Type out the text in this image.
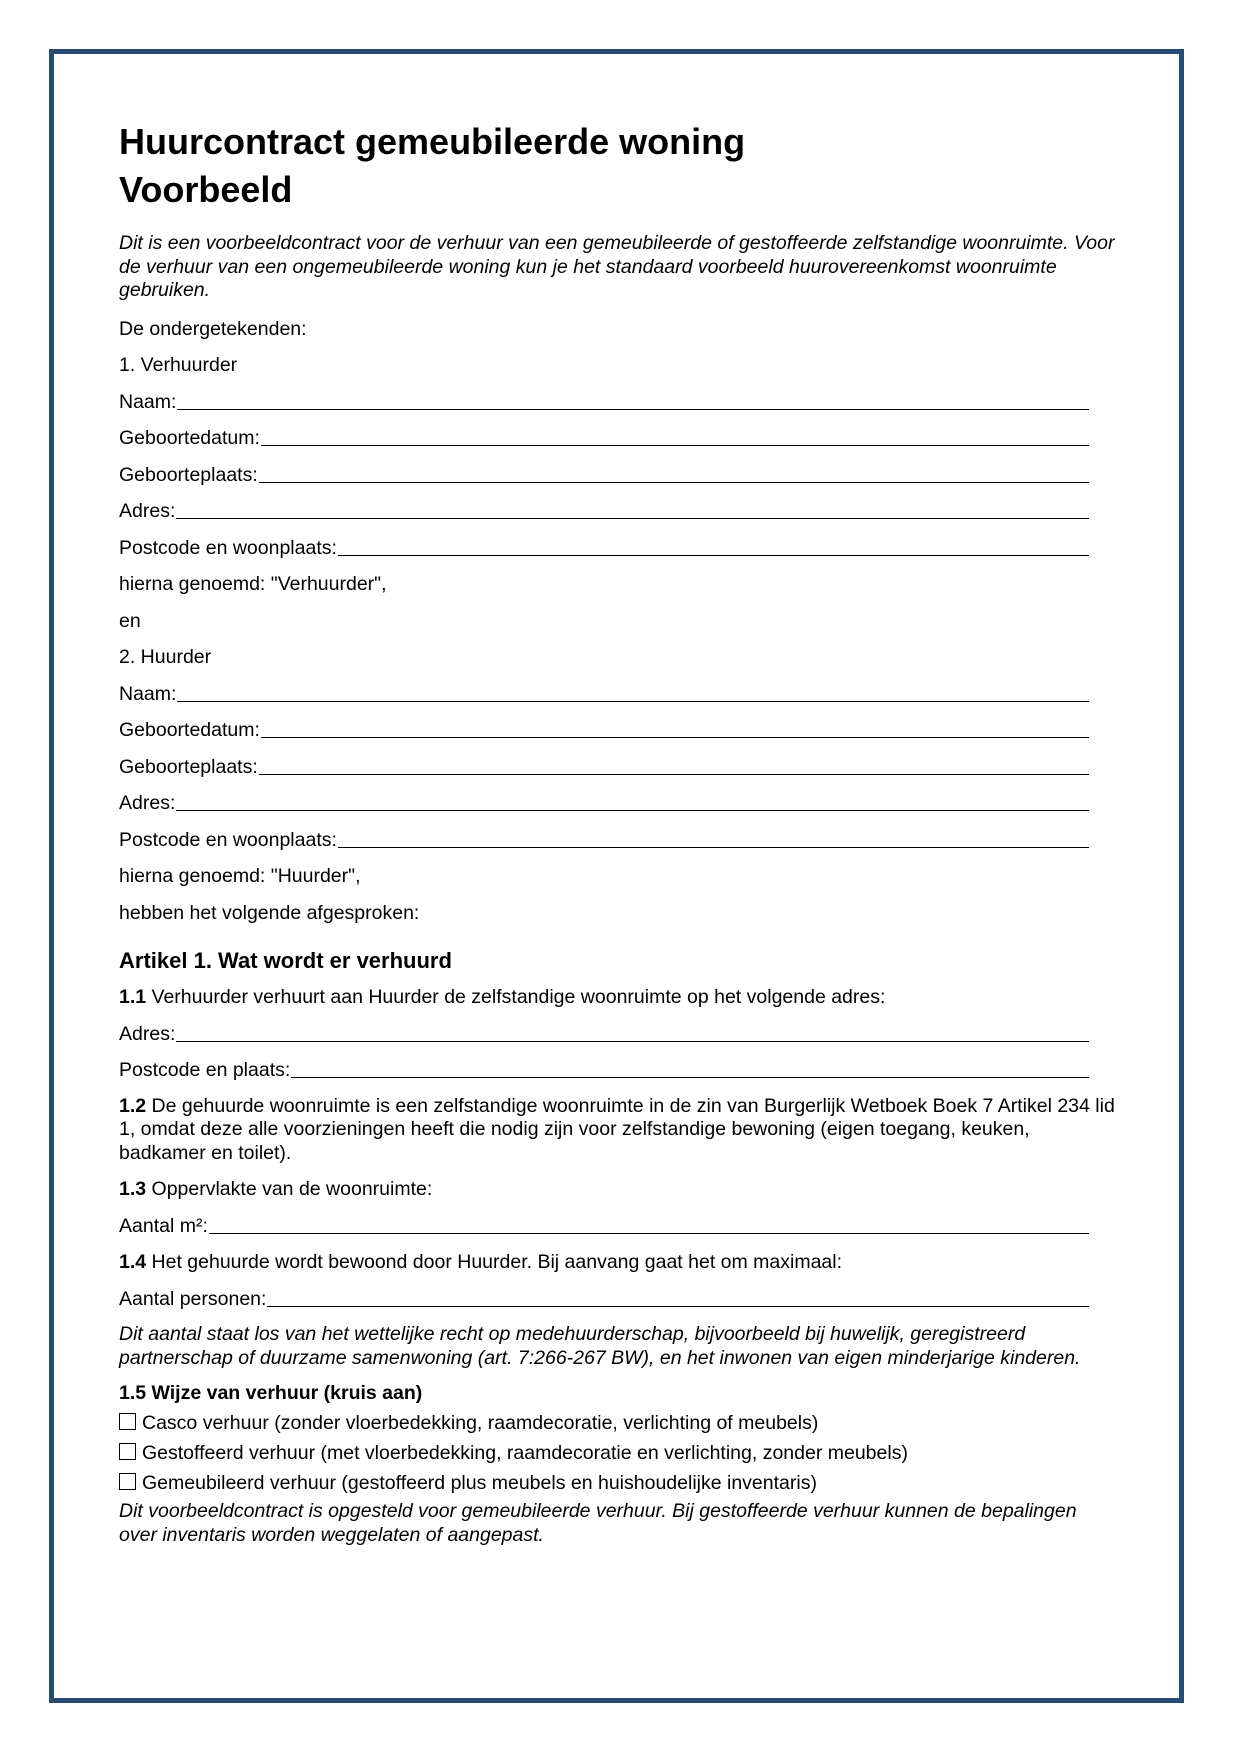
Huurcontract gemeubileerde woning
Voorbeeld
Dit is een voorbeeldcontract voor de verhuur van een gemeubileerde of gestoffeerde zelfstandige woonruimte. Voor de verhuur van een ongemeubileerde woning kun je het standaard voorbeeld huurovereenkomst woonruimte gebruiken.
De ondergetekenden:
1. Verhuurder
Naam:
Geboortedatum:
Geboorteplaats:
Adres:
Postcode en woonplaats:
hierna genoemd: "Verhuurder",
en
2. Huurder
Naam:
Geboortedatum:
Geboorteplaats:
Adres:
Postcode en woonplaats:
hierna genoemd: "Huurder",
hebben het volgende afgesproken:
Artikel 1. Wat wordt er verhuurd
1.1 Verhuurder verhuurt aan Huurder de zelfstandige woonruimte op het volgende adres:
Adres:
Postcode en plaats:
1.2 De gehuurde woonruimte is een zelfstandige woonruimte in de zin van Burgerlijk Wetboek Boek 7 Artikel 234 lid 1, omdat deze alle voorzieningen heeft die nodig zijn voor zelfstandige bewoning (eigen toegang, keuken, badkamer en toilet).
1.3 Oppervlakte van de woonruimte:
Aantal m²:
1.4 Het gehuurde wordt bewoond door Huurder. Bij aanvang gaat het om maximaal:
Aantal personen:
Dit aantal staat los van het wettelijke recht op medehuurderschap, bijvoorbeeld bij huwelijk, geregistreerd partnerschap of duurzame samenwoning (art. 7:266-267 BW), en het inwonen van eigen minderjarige kinderen.
1.5 Wijze van verhuur (kruis aan)
Casco verhuur (zonder vloerbedekking, raamdecoratie, verlichting of meubels)
Gestoffeerd verhuur (met vloerbedekking, raamdecoratie en verlichting, zonder meubels)
Gemeubileerd verhuur (gestoffeerd plus meubels en huishoudelijke inventaris)
Dit voorbeeldcontract is opgesteld voor gemeubileerde verhuur. Bij gestoffeerde verhuur kunnen de bepalingen over inventaris worden weggelaten of aangepast.
